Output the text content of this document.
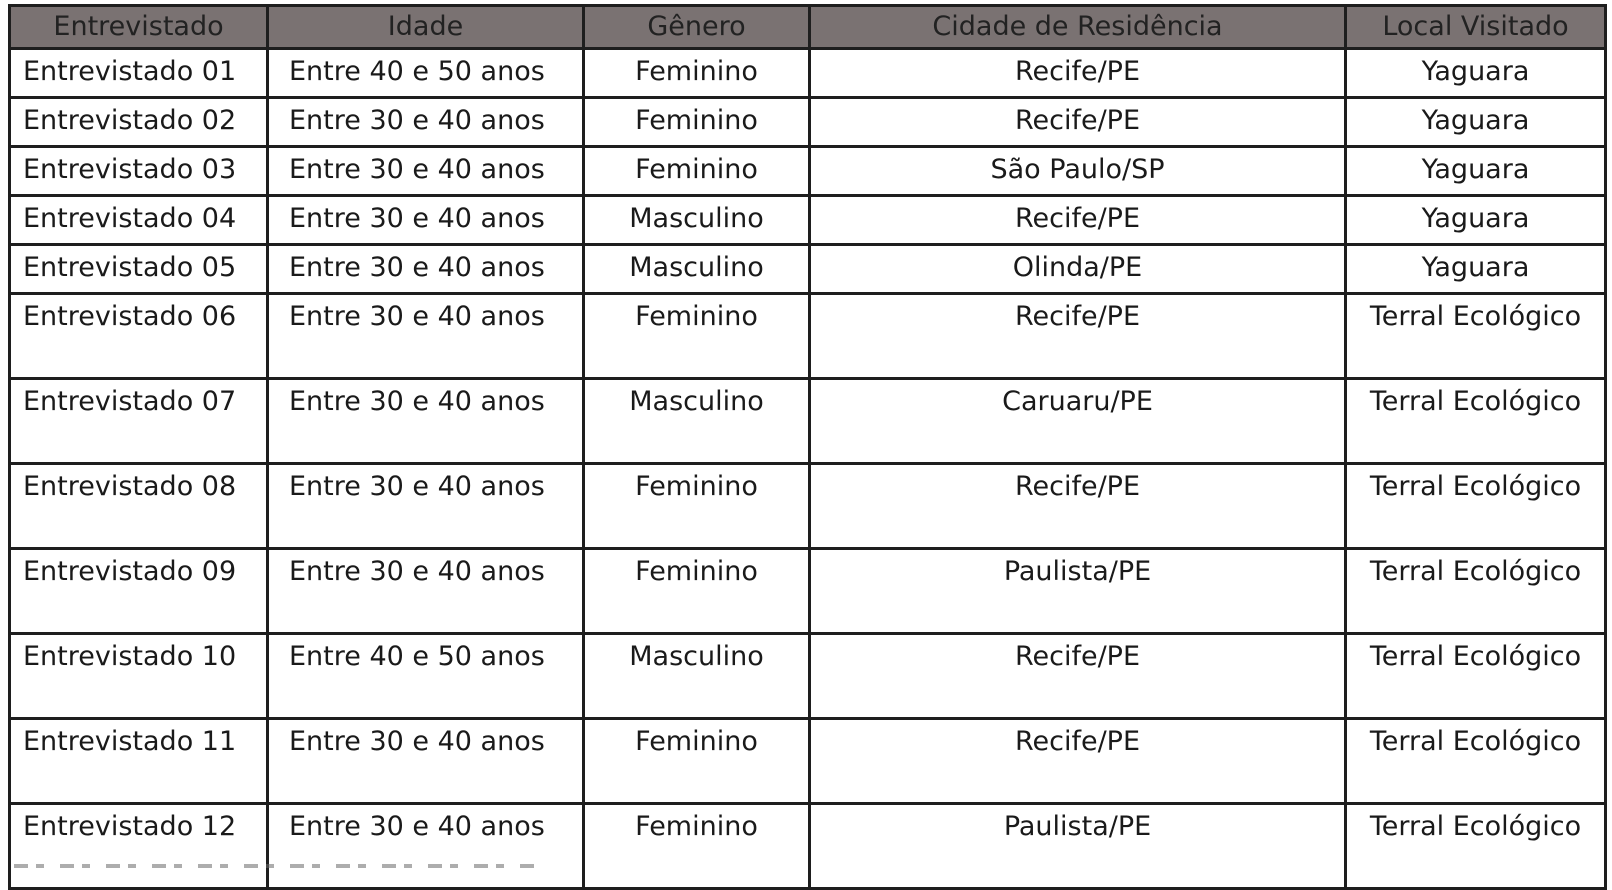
Entrevistado	Idade	Gênero	Cidade de Residência	Local Visitado
Entrevistado 01	Entre 40 e 50 anos	Feminino	Recife/PE	Yaguara
Entrevistado 02	Entre 30 e 40 anos	Feminino	Recife/PE	Yaguara
Entrevistado 03	Entre 30 e 40 anos	Feminino	São Paulo/SP	Yaguara
Entrevistado 04	Entre 30 e 40 anos	Masculino	Recife/PE	Yaguara
Entrevistado 05	Entre 30 e 40 anos	Masculino	Olinda/PE	Yaguara
Entrevistado 06	Entre 30 e 40 anos	Feminino	Recife/PE	Terral Ecológico
Entrevistado 07	Entre 30 e 40 anos	Masculino	Caruaru/PE	Terral Ecológico
Entrevistado 08	Entre 30 e 40 anos	Feminino	Recife/PE	Terral Ecológico
Entrevistado 09	Entre 30 e 40 anos	Feminino	Paulista/PE	Terral Ecológico
Entrevistado 10	Entre 40 e 50 anos	Masculino	Recife/PE	Terral Ecológico
Entrevistado 11	Entre 30 e 40 anos	Feminino	Recife/PE	Terral Ecológico
Entrevistado 12	Entre 30 e 40 anos	Feminino	Paulista/PE	Terral Ecológico
